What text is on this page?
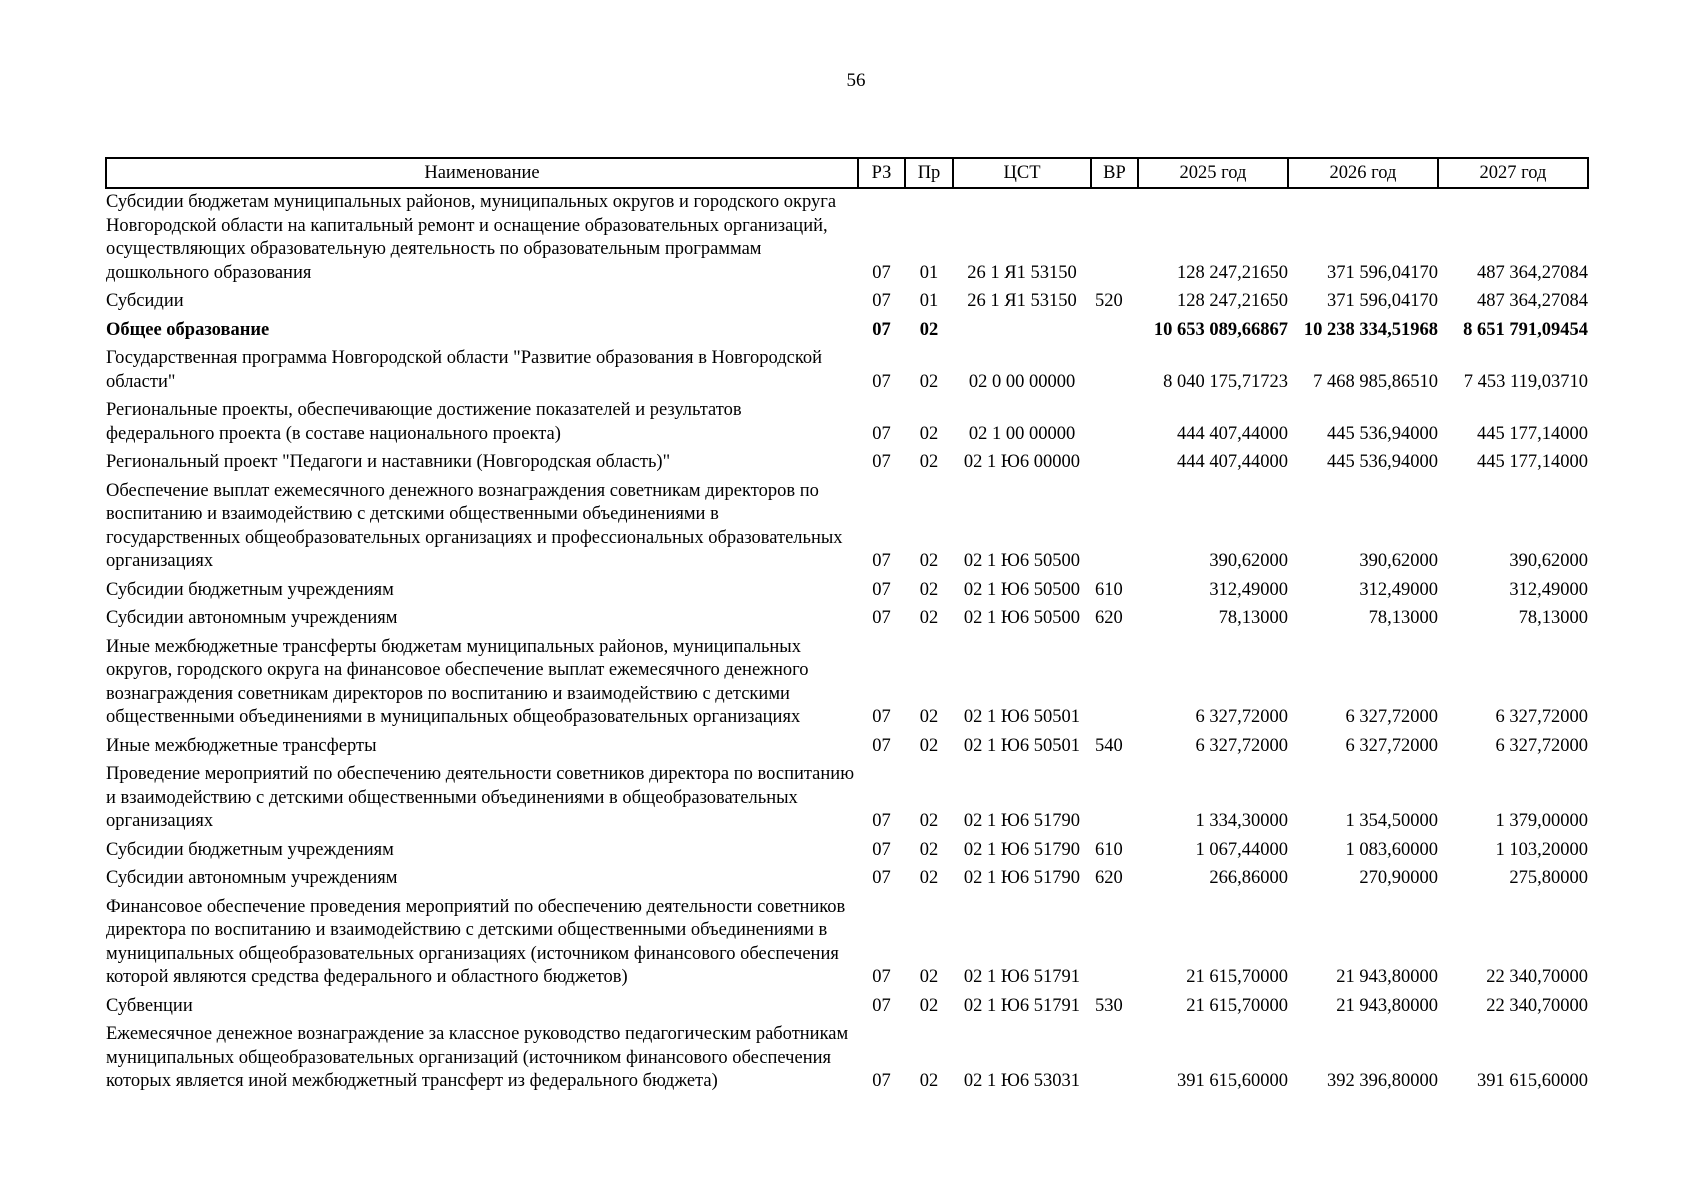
56
Наименование	РЗ	Пр	ЦСТ	ВР	2025 год	2026 год	2027 год
Субсидии бюджетам муниципальных районов, муниципальных округов и городского округа Новгородской области на капитальный ремонт и оснащение образовательных организаций, осуществляющих образовательную деятельность по образовательным программам дошкольного образования	07	01	26 1 Я1 53150		128 247,21650	371 596,04170	487 364,27084
Субсидии	07	01	26 1 Я1 53150	520	128 247,21650	371 596,04170	487 364,27084
Общее образование	07	02			10 653 089,66867	10 238 334,51968	8 651 791,09454
Государственная программа Новгородской области "Развитие образования в Новгородской области"	07	02	02 0 00 00000		8 040 175,71723	7 468 985,86510	7 453 119,03710
Региональные проекты, обеспечивающие достижение показателей и результатов федерального проекта (в составе национального проекта)	07	02	02 1 00 00000		444 407,44000	445 536,94000	445 177,14000
Региональный проект "Педагоги и наставники (Новгородская область)"	07	02	02 1 Ю6 00000		444 407,44000	445 536,94000	445 177,14000
Обеспечение выплат ежемесячного денежного вознаграждения советникам директоров по воспитанию и взаимодействию с детскими общественными объединениями в государственных общеобразовательных организациях и профессиональных образовательных организациях	07	02	02 1 Ю6 50500		390,62000	390,62000	390,62000
Субсидии бюджетным учреждениям	07	02	02 1 Ю6 50500	610	312,49000	312,49000	312,49000
Субсидии автономным учреждениям	07	02	02 1 Ю6 50500	620	78,13000	78,13000	78,13000
Иные межбюджетные трансферты бюджетам муниципальных районов, муниципальных округов, городского округа на финансовое обеспечение выплат ежемесячного денежного вознаграждения советникам директоров по воспитанию и взаимодействию с детскими общественными объединениями в муниципальных общеобразовательных организациях	07	02	02 1 Ю6 50501		6 327,72000	6 327,72000	6 327,72000
Иные межбюджетные трансферты	07	02	02 1 Ю6 50501	540	6 327,72000	6 327,72000	6 327,72000
Проведение мероприятий по обеспечению деятельности советников директора по воспитанию и взаимодействию с детскими общественными объединениями в общеобразовательных организациях	07	02	02 1 Ю6 51790		1 334,30000	1 354,50000	1 379,00000
Субсидии бюджетным учреждениям	07	02	02 1 Ю6 51790	610	1 067,44000	1 083,60000	1 103,20000
Субсидии автономным учреждениям	07	02	02 1 Ю6 51790	620	266,86000	270,90000	275,80000
Финансовое обеспечение проведения мероприятий по обеспечению деятельности советников директора по воспитанию и взаимодействию с детскими общественными объединениями в муниципальных общеобразовательных организациях (источником финансового обеспечения которой являются средства федерального и областного бюджетов)	07	02	02 1 Ю6 51791		21 615,70000	21 943,80000	22 340,70000
Субвенции	07	02	02 1 Ю6 51791	530	21 615,70000	21 943,80000	22 340,70000
Ежемесячное денежное вознаграждение за классное руководство педагогическим работникам муниципальных общеобразовательных организаций (источником финансового обеспечения которых является иной межбюджетный трансферт из федерального бюджета)	07	02	02 1 Ю6 53031		391 615,60000	392 396,80000	391 615,60000
